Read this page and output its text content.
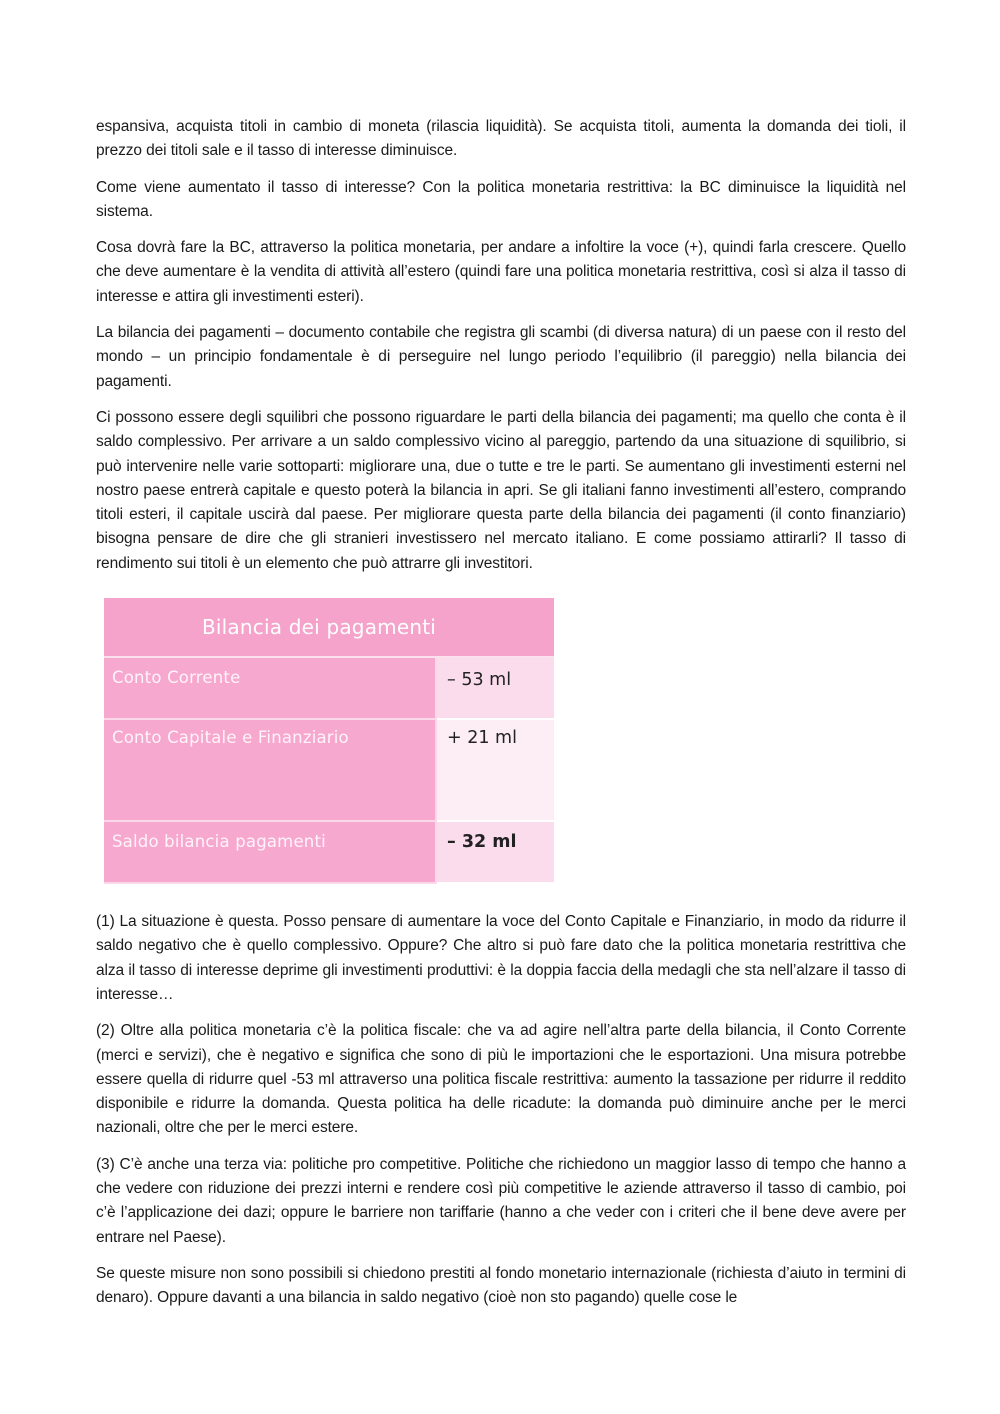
espansiva, acquista titoli in cambio di moneta (rilascia liquidità). Se acquista titoli, aumenta la domanda dei tioli, il prezzo dei titoli sale e il tasso di interesse diminuisce.

Come viene aumentato il tasso di interesse? Con la politica monetaria restrittiva: la BC diminuisce la liquidità nel sistema.

Cosa dovrà fare la BC, attraverso la politica monetaria, per andare a infoltire la voce (+), quindi farla crescere. Quello che deve aumentare è la vendita di attività all’estero (quindi fare una politica monetaria restrittiva, così si alza il tasso di interesse e attira gli investimenti esteri).

La bilancia dei pagamenti – documento contabile che registra gli scambi (di diversa natura) di un paese con il resto del mondo – un principio fondamentale è di perseguire nel lungo periodo l’equilibrio (il pareggio) nella bilancia dei pagamenti.

Ci possono essere degli squilibri che possono riguardare le parti della bilancia dei pagamenti; ma quello che conta è il saldo complessivo. Per arrivare a un saldo complessivo vicino al pareggio, partendo da una situazione di squilibrio, si può intervenire nelle varie sottoparti: migliorare una, due o tutte e tre le parti. Se aumentano gli investimenti esterni nel nostro paese entrerà capitale e questo poterà la bilancia in apri. Se gli italiani fanno investimenti all’estero, comprando titoli esteri, il capitale uscirà dal paese. Per migliorare questa parte della bilancia dei pagamenti (il conto finanziario) bisogna pensare de dire che gli stranieri investissero nel mercato italiano. E come possiamo attirarli? Il tasso di rendimento sui titoli è un elemento che può attrarre gli investitori.

Bilancia dei pagamenti	
Conto Corrente	– 53 ml
Conto Capitale e Finanziario	+ 21 ml
Saldo bilancia pagamenti	– 32 ml

(1) La situazione è questa. Posso pensare di aumentare la voce del Conto Capitale e Finanziario, in modo da ridurre il saldo negativo che è quello complessivo. Oppure? Che altro si può fare dato che la politica monetaria restrittiva che alza il tasso di interesse deprime gli investimenti produttivi: è la doppia faccia della medagli che sta nell’alzare il tasso di interesse…

(2) Oltre alla politica monetaria c’è la politica fiscale: che va ad agire nell’altra parte della bilancia, il Conto Corrente (merci e servizi), che è negativo e significa che sono di più le importazioni che le esportazioni. Una misura potrebbe essere quella di ridurre quel -53 ml attraverso una politica fiscale restrittiva: aumento la tassazione per ridurre il reddito disponibile e ridurre la domanda. Questa politica ha delle ricadute: la domanda può diminuire anche per le merci nazionali, oltre che per le merci estere.

(3) C’è anche una terza via: politiche pro competitive. Politiche che richiedono un maggior lasso di tempo che hanno a che vedere con riduzione dei prezzi interni e rendere così più competitive le aziende attraverso il tasso di cambio, poi c’è l’applicazione dei dazi; oppure le barriere non tariffarie (hanno a che veder con i criteri che il bene deve avere per entrare nel Paese).

Se queste misure non sono possibili si chiedono prestiti al fondo monetario internazionale (richiesta d’aiuto in termini di denaro). Oppure davanti a una bilancia in saldo negativo (cioè non sto pagando) quelle cose le
